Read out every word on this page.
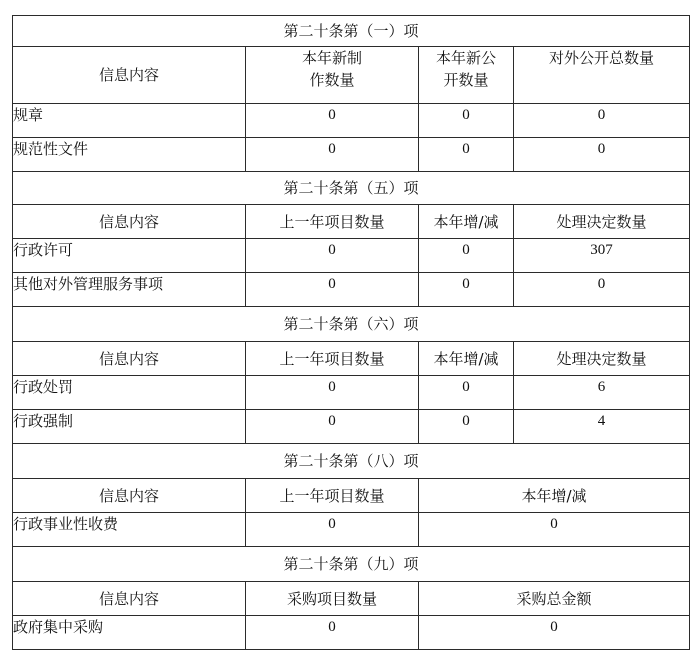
第二十条第（一）项			
信息内容	本年新制作数量	本年新公开数量	对外公开总数量
规章	0	0	0
规范性文件	0	0	0
第二十条第（五）项			
信息内容	上一年项目数量	本年增/减	处理决定数量
行政许可	0	0	307
其他对外管理服务事项	0	0	0
第二十条第（六）项			
信息内容	上一年项目数量	本年增/减	处理决定数量
行政处罚	0	0	6
行政强制	0	0	4
第二十条第（八）项			
信息内容	上一年项目数量	本年增/减	
行政事业性收费	0	0	
第二十条第（九）项			
信息内容	采购项目数量	采购总金额	
政府集中采购	0	0	
